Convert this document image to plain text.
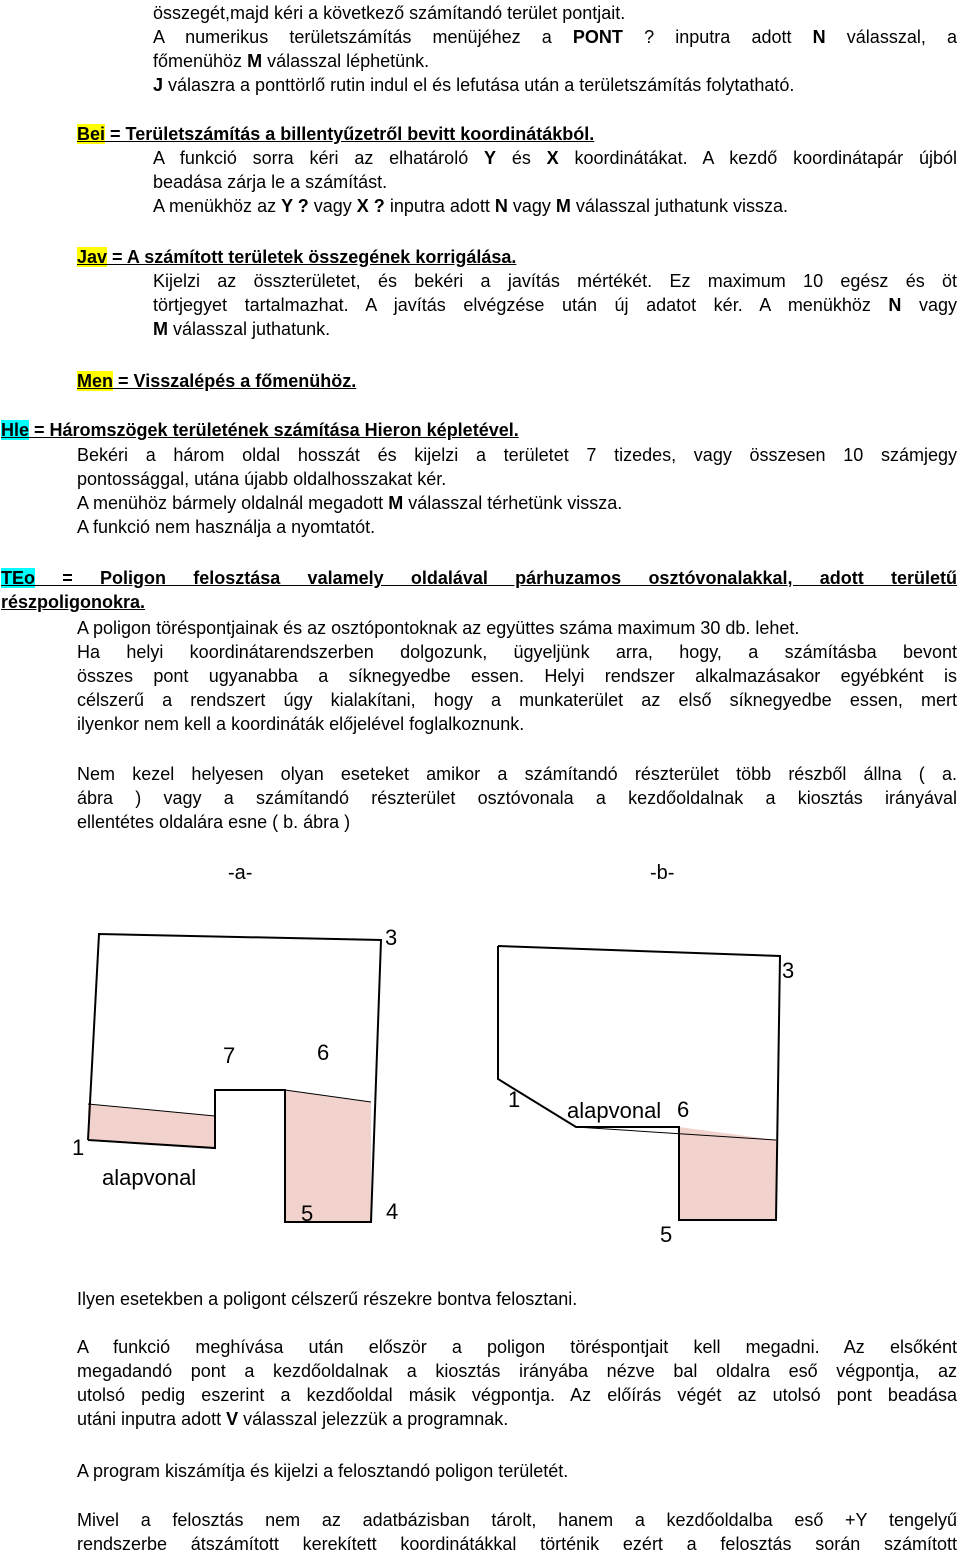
összegét,majd kéri a következő számítandó terület pontjait.

A numerikus területszámítás menüjéhez a PONT ? inputra adott N válasszal, a

főmenühöz M válasszal léphetünk.

J válaszra a ponttörlő rutin indul el és lefutása után a területszámítás folytatható.

Bei = Területszámítás a billentyűzetről bevitt koordinátákból.

A funkció sorra kéri az elhatároló Y és X koordinátákat. A kezdő koordinátapár újból

beadása zárja le a számítást.

A menükhöz az Y ? vagy X ? inputra adott N vagy M válasszal juthatunk vissza.

Jav = A számított területek összegének korrigálása.

Kijelzi az összterületet, és bekéri a javítás mértékét. Ez maximum 10 egész és öt

törtjegyet tartalmazhat. A javítás elvégzése után új adatot kér. A menükhöz N vagy

M válasszal juthatunk.

Men = Visszalépés a főmenühöz.
Hle = Háromszögek területének számítása Hieron képletével.

Bekéri a három oldal hosszát és kijelzi a területet 7 tizedes, vagy összesen 10 számjegy

pontossággal, utána újabb oldalhosszakat kér.

A menühöz bármely oldalnál megadott M válasszal térhetünk vissza.

A funkció nem használja a nyomtatót.

TEo = Poligon felosztása valamely oldalával párhuzamos osztóvonalakkal, adott területű

részpoligonokra.

A poligon töréspontjainak és az osztópontoknak az együttes száma maximum 30 db. lehet.

Ha helyi koordinátarendszerben dolgozunk, ügyeljünk arra, hogy, a számításba bevont

összes pont ugyanabba a síknegyedbe essen. Helyi rendszer alkalmazásakor egyébként is

célszerű a rendszert úgy kialakítani, hogy a munkaterület az első síknegyedbe essen, mert

ilyenkor nem kell a koordináták előjelével foglalkoznunk.

Nem kezel helyesen olyan eseteket amikor a számítandó részterület több részből állna ( a.

ábra ) vagy a számítandó részterület osztóvonala a kezdőoldalnak a kiosztás irányával

ellentétes oldalára esne ( b. ábra )

-a-	-b-
1
3
7	6
5	4
alapvonal
3
1	6
5
alapvonal

Ilyen esetekben a poligont célszerű részekre bontva felosztani.

A funkció meghívása után először a poligon töréspontjait kell megadni. Az elsőként

megadandó pont a kezdőoldalnak a kiosztás irányába nézve bal oldalra eső végpontja, az

utolsó pedig eszerint a kezdőoldal másik végpontja. Az előírás végét az utolsó pont beadása

utáni inputra adott V válasszal jelezzük a programnak.

A program kiszámítja és kijelzi a felosztandó poligon területét.

Mivel a felosztás nem az adatbázisban tárolt, hanem a kezdőoldalba eső +Y tengelyű

rendszerbe átszámított kerekített koordinátákkal történik ezért a felosztás során számított
